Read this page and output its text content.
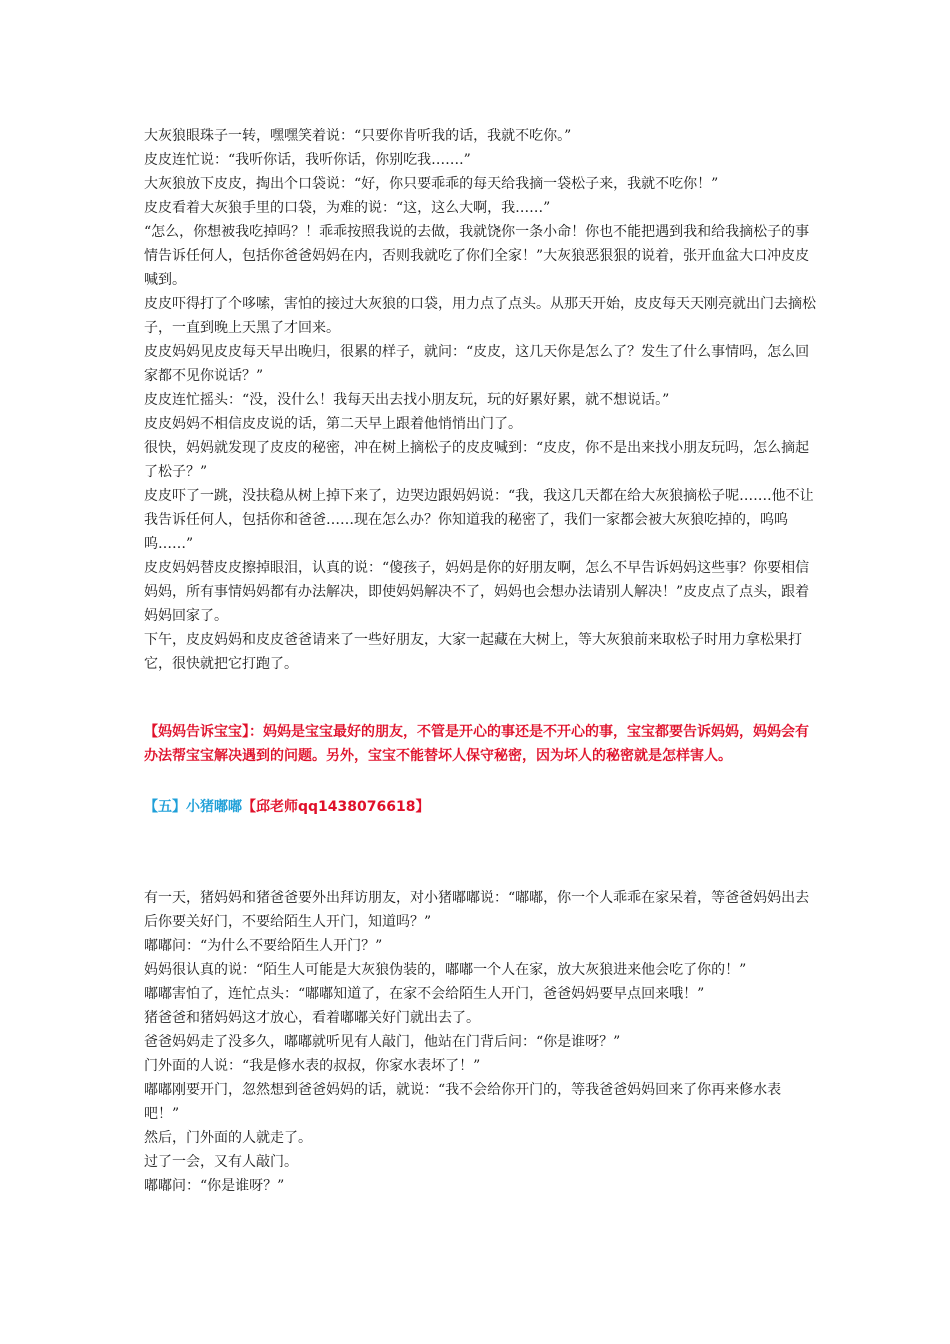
大灰狼眼珠子一转，嘿嘿笑着说：“只要你肯听我的话，我就不吃你。”

皮皮连忙说：“我听你话，我听你话，你别吃我…….”

大灰狼放下皮皮，掏出个口袋说：“好，你只要乖乖的每天给我摘一袋松子来，我就不吃你！”

皮皮看着大灰狼手里的口袋，为难的说：“这，这么大啊，我……”

“怎么，你想被我吃掉吗？！乖乖按照我说的去做，我就饶你一条小命！你也不能把遇到我和给我摘松子的事情告诉任何人，包括你爸爸妈妈在内，否则我就吃了你们全家！”大灰狼恶狠狠的说着，张开血盆大口冲皮皮喊到。

皮皮吓得打了个哆嗦，害怕的接过大灰狼的口袋，用力点了点头。从那天开始，皮皮每天天刚亮就出门去摘松子，一直到晚上天黑了才回来。

皮皮妈妈见皮皮每天早出晚归，很累的样子，就问：“皮皮，这几天你是怎么了？发生了什么事情吗，怎么回家都不见你说话？”

皮皮连忙摇头：“没，没什么！我每天出去找小朋友玩，玩的好累好累，就不想说话。”

皮皮妈妈不相信皮皮说的话，第二天早上跟着他悄悄出门了。

很快，妈妈就发现了皮皮的秘密，冲在树上摘松子的皮皮喊到：“皮皮，你不是出来找小朋友玩吗，怎么摘起了松子？”

皮皮吓了一跳，没扶稳从树上掉下来了，边哭边跟妈妈说：“我，我这几天都在给大灰狼摘松子呢…….他不让我告诉任何人，包括你和爸爸……现在怎么办？你知道我的秘密了，我们一家都会被大灰狼吃掉的，呜呜呜……”

皮皮妈妈替皮皮擦掉眼泪，认真的说：“傻孩子，妈妈是你的好朋友啊，怎么不早告诉妈妈这些事？你要相信妈妈，所有事情妈妈都有办法解决，即使妈妈解决不了，妈妈也会想办法请别人解决！”皮皮点了点头，跟着妈妈回家了。

下午，皮皮妈妈和皮皮爸爸请来了一些好朋友，大家一起藏在大树上，等大灰狼前来取松子时用力拿松果打它，很快就把它打跑了。

【妈妈告诉宝宝】：妈妈是宝宝最好的朋友，不管是开心的事还是不开心的事，宝宝都要告诉妈妈，妈妈会有办法帮宝宝解决遇到的问题。另外，宝宝不能替坏人保守秘密，因为坏人的秘密就是怎样害人。

【五】小猪嘟嘟【邱老师qq1438076618】

有一天，猪妈妈和猪爸爸要外出拜访朋友，对小猪嘟嘟说：“嘟嘟，你一个人乖乖在家呆着，等爸爸妈妈出去后你要关好门，不要给陌生人开门，知道吗？”

嘟嘟问：“为什么不要给陌生人开门？”

妈妈很认真的说：“陌生人可能是大灰狼伪装的，嘟嘟一个人在家，放大灰狼进来他会吃了你的！”

嘟嘟害怕了，连忙点头：“嘟嘟知道了，在家不会给陌生人开门，爸爸妈妈要早点回来哦！”

猪爸爸和猪妈妈这才放心，看着嘟嘟关好门就出去了。

爸爸妈妈走了没多久，嘟嘟就听见有人敲门，他站在门背后问：“你是谁呀？”

门外面的人说：“我是修水表的叔叔，你家水表坏了！”

嘟嘟刚要开门，忽然想到爸爸妈妈的话，就说：“我不会给你开门的，等我爸爸妈妈回来了你再来修水表吧！”

然后，门外面的人就走了。

过了一会，又有人敲门。

嘟嘟问：“你是谁呀？”
